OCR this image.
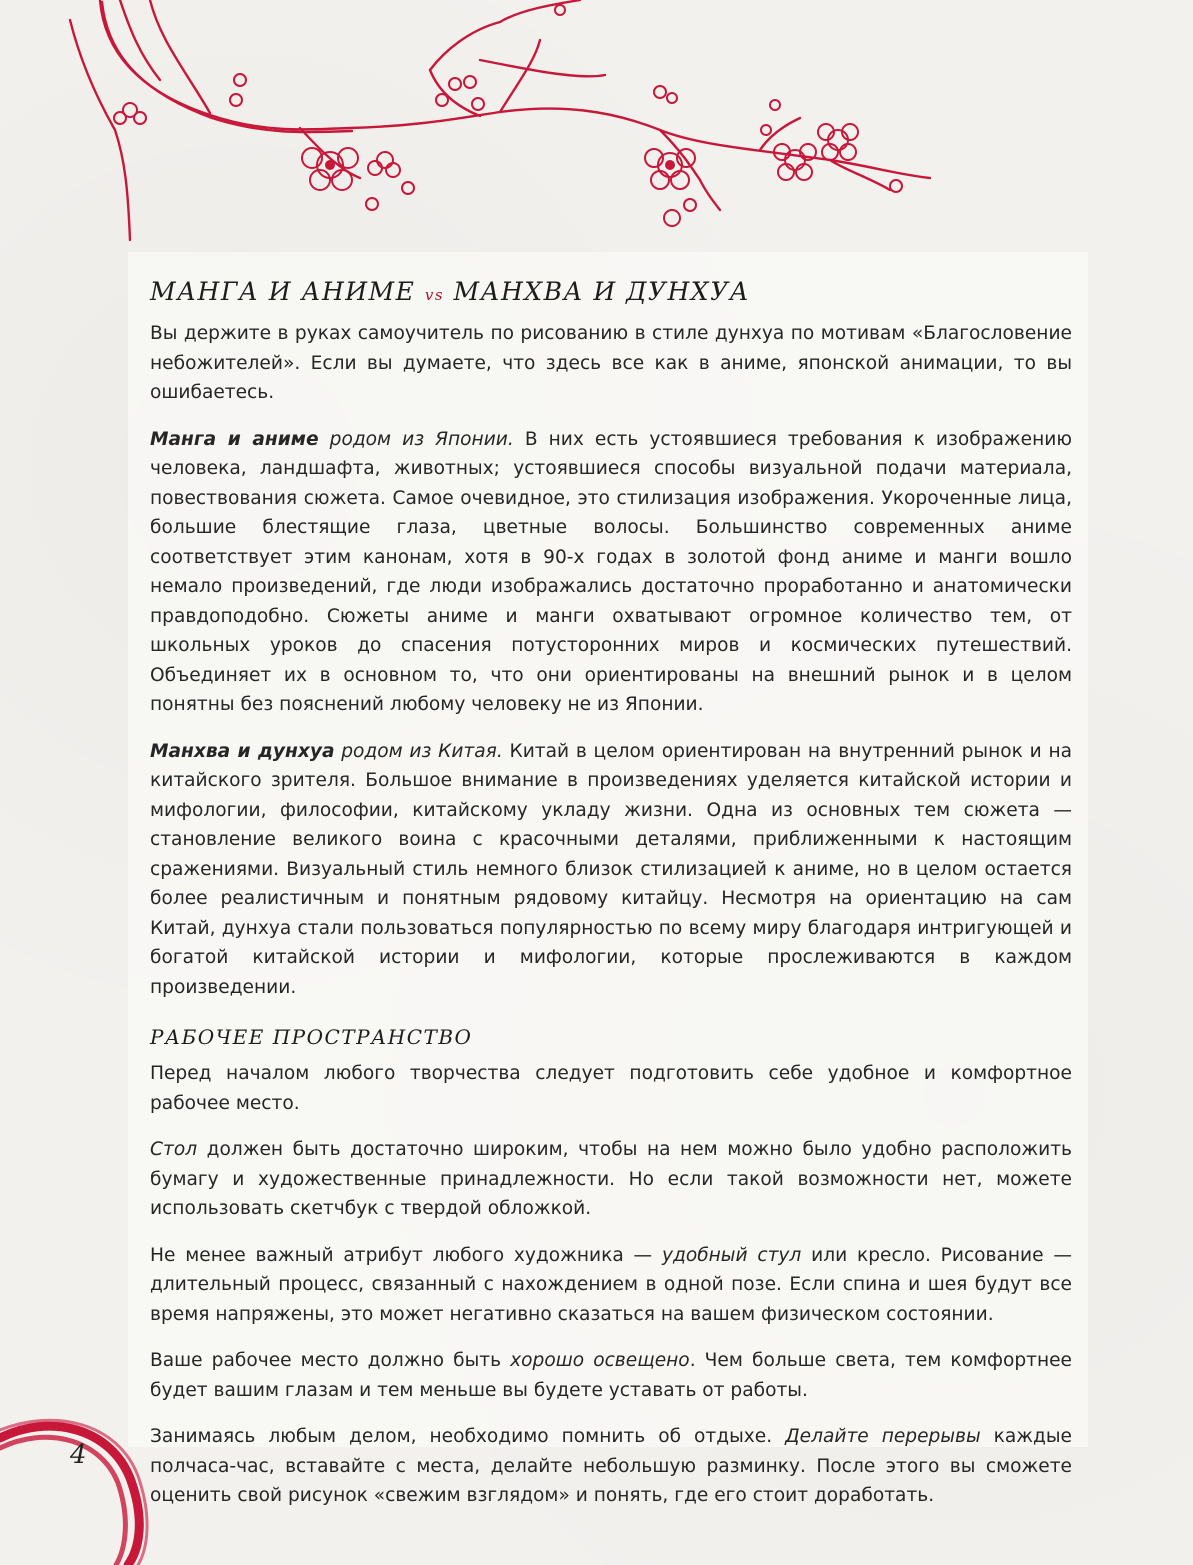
МАНГА И АНИМЕ vs МАНХВА И ДУНХУА

Вы держите в руках самоучитель по рисованию в стиле дунхуа по мотивам «Благословение небожителей». Если вы думаете, что здесь все как в аниме, японской анимации, то вы ошибаетесь.

Манга и аниме родом из Японии. В них есть устоявшиеся требования к изображению человека, ландшафта, животных; устоявшиеся способы визуальной подачи материала, повествования сюжета. Самое очевидное, это стилизация изображения. Укороченные лица, большие блестящие глаза, цветные волосы. Большинство современных аниме соответствует этим канонам, хотя в 90-х годах в золотой фонд аниме и манги вошло немало произведений, где люди изображались достаточно проработанно и анатомически правдоподобно. Сюжеты аниме и манги охватывают огромное количество тем, от школьных уроков до спасения потусторонних миров и космических путешествий. Объединяет их в основном то, что они ориентированы на внешний рынок и в целом понятны без пояснений любому человеку не из Японии.

Манхва и дунхуа родом из Китая. Китай в целом ориентирован на внутренний рынок и на китайского зрителя. Большое внимание в произведениях уделяется китайской истории и мифологии, философии, китайскому укладу жизни. Одна из основных тем сюжета — становление великого воина с красочными деталями, приближенными к настоящим сражениями. Визуальный стиль немного близок стилизацией к аниме, но в целом остается более реалистичным и понятным рядовому китайцу. Несмотря на ориентацию на сам Китай, дунхуа стали пользоваться популярностью по всему миру благодаря интригующей и богатой китайской истории и мифологии, которые прослеживаются в каждом произведении.

РАБОЧЕЕ ПРОСТРАНСТВО

Перед началом любого творчества следует подготовить себе удобное и комфортное рабочее место.

Стол должен быть достаточно широким, чтобы на нем можно было удобно расположить бумагу и художественные принадлежности. Но если такой возможности нет, можете использовать скетчбук с твердой обложкой.

Не менее важный атрибут любого художника — удобный стул или кресло. Рисование — длительный процесс, связанный с нахождением в одной позе. Если спина и шея будут все время напряжены, это может негативно сказаться на вашем физическом состоянии.

Ваше рабочее место должно быть хорошо освещено. Чем больше света, тем комфортнее будет вашим глазам и тем меньше вы будете уставать от работы.

Занимаясь любым делом, необходимо помнить об отдыхе. Делайте перерывы каждые полчаса-час, вставайте с места, делайте небольшую разминку. После этого вы сможете оценить свой рисунок «свежим взглядом» и понять, где его стоит доработать.

4
